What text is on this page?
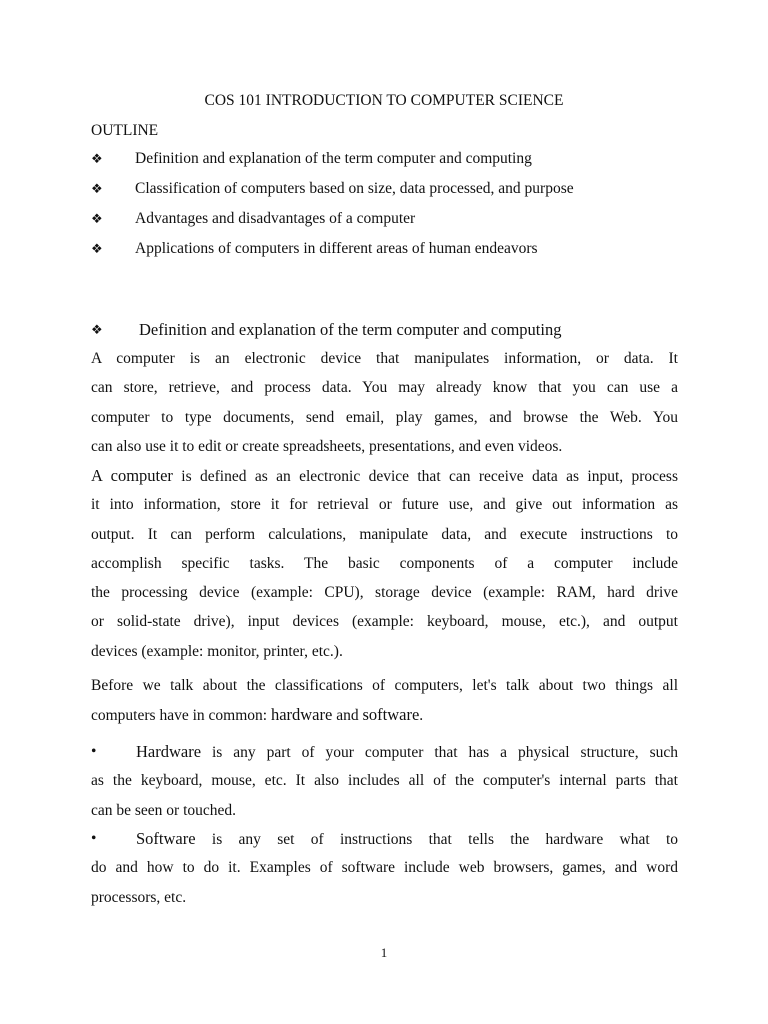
COS 101 INTRODUCTION TO COMPUTER SCIENCE
OUTLINE
❖	Definition and explanation of the term computer and computing
❖	Classification of computers based on size, data processed, and purpose
❖	Advantages and disadvantages of a computer
❖	Applications of computers in different areas of human endeavors
❖	Definition and explanation of the term computer and computing
A computer is an electronic device that manipulates information, or data. It
can store, retrieve, and process data. You may already know that you can use a
computer to type documents, send email, play games, and browse the Web. You
can also use it to edit or create spreadsheets, presentations, and even videos.
A computer is defined as an electronic device that can receive data as input, process
it into information, store it for retrieval or future use, and give out information as
output. It can perform calculations, manipulate data, and execute instructions to
accomplish specific tasks. The basic components of a computer include
the processing device (example: CPU), storage device (example: RAM, hard drive
or solid-state drive), input devices (example: keyboard, mouse, etc.), and output
devices (example: monitor, printer, etc.).
Before we talk about the classifications of computers, let's talk about two things all
computers have in common: hardware and software.
•	Hardware is any part of your computer that has a physical structure, such
as the keyboard, mouse, etc. It also includes all of the computer's internal parts that
can be seen or touched.
•	Software is any set of instructions that tells the hardware what to
do and how to do it. Examples of software include web browsers, games, and word
processors, etc.
1
